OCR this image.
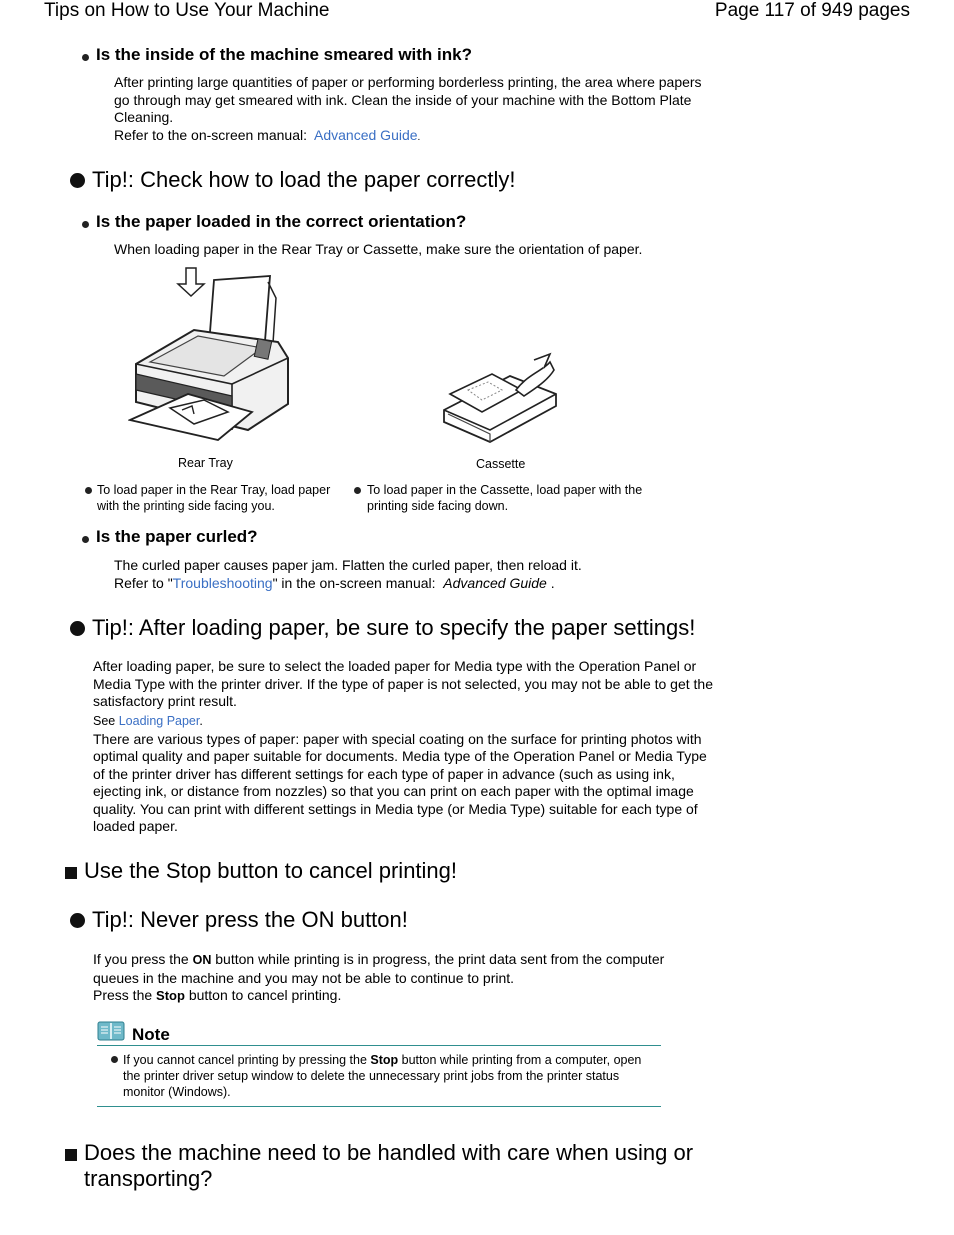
Tips on How to Use Your Machine	Page 117 of 949 pages
Is the inside of the machine smeared with ink?
After printing large quantities of paper or performing borderless printing, the area where papers
go through may get smeared with ink. Clean the inside of your machine with the Bottom Plate
Cleaning.
Refer to the on-screen manual: Advanced Guide.
Tip!: Check how to load the paper correctly!
Is the paper loaded in the correct orientation?
When loading paper in the Rear Tray or Cassette, make sure the orientation of paper.
Rear Tray	Cassette
To load paper in the Rear Tray, load paper
with the printing side facing you.
To load paper in the Cassette, load paper with the
printing side facing down.
Is the paper curled?
The curled paper causes paper jam. Flatten the curled paper, then reload it.
Refer to "Troubleshooting" in the on-screen manual: Advanced Guide .
Tip!: After loading paper, be sure to specify the paper settings!
After loading paper, be sure to select the loaded paper for Media type with the Operation Panel or
Media Type with the printer driver. If the type of paper is not selected, you may not be able to get the
satisfactory print result.
See Loading Paper.
There are various types of paper: paper with special coating on the surface for printing photos with
optimal quality and paper suitable for documents. Media type of the Operation Panel or Media Type
of the printer driver has different settings for each type of paper in advance (such as using ink,
ejecting ink, or distance from nozzles) so that you can print on each paper with the optimal image
quality. You can print with different settings in Media type (or Media Type) suitable for each type of
loaded paper.
Use the Stop button to cancel printing!
Tip!: Never press the ON button!
If you press the ON button while printing is in progress, the print data sent from the computer
queues in the machine and you may not be able to continue to print.
Press the Stop button to cancel printing.
Note
If you cannot cancel printing by pressing the Stop button while printing from a computer, open
the printer driver setup window to delete the unnecessary print jobs from the printer status
monitor (Windows).
Does the machine need to be handled with care when using or
transporting?
